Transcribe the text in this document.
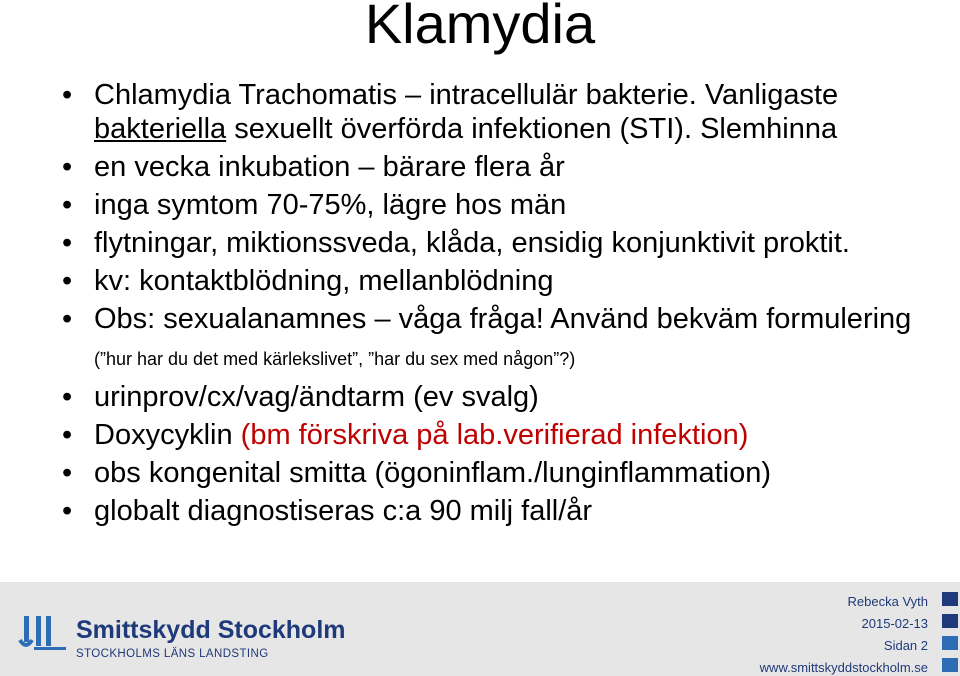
Klamydia
• Chlamydia Trachomatis – intracellulär bakterie. Vanligaste bakteriella sexuellt överförda infektionen (STI). Slemhinna
• en vecka inkubation – bärare flera år
• inga symtom 70-75%, lägre hos män
• flytningar, miktionssveda, klåda, ensidig konjunktivit proktit.
• kv: kontaktblödning, mellanblödning
• Obs: sexualanamnes – våga fråga! Använd bekväm formulering (”hur har du det med kärlekslivet”, ”har du sex med någon”?)
• urinprov/cx/vag/ändtarm (ev svalg)
• Doxycyklin (bm förskriva på lab.verifierad infektion)
• obs kongenital smitta (ögoninflam./lunginflammation)
• globalt diagnostiseras c:a 90 milj fall/år
Smittskydd Stockholm
STOCKHOLMS LÄNS LANDSTING
Rebecka Vyth
2015-02-13
Sidan 2
www.smittskyddstockholm.se
